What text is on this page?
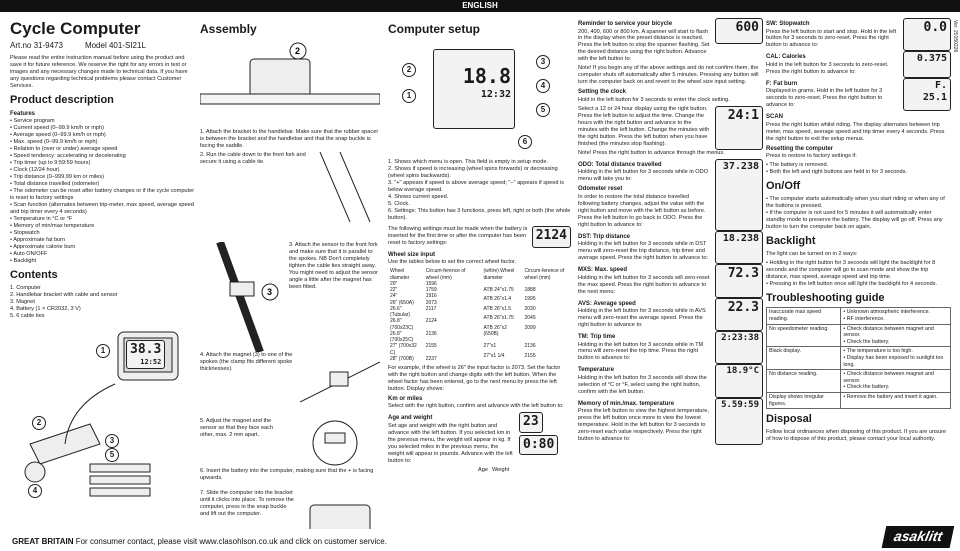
ENGLISH
Ver. 20150226
Cycle Computer
Art.no 31-9473	Model 401-SI21L

Please read the entire instruction manual before using the product and save it for future reference. We reserve the right for any errors in text or images and any necessary changes made to technical data. If you have any questions regarding technical problems please contact Customer Services.

Product description
Features
• Service program
• Current speed (0–99.9 km/h or mph)
• Average speed (0–99.9 km/h or mph)
• Max. speed (0–99.9 km/h or mph)
• Relation to (over or under) average speed
• Speed tendency: accelerating or decelerating
• Trip timer (up to 9:59:59 hours)
• Clock (12/24 hour)
• Trip distance (0–999.99 km or miles)
• Total distance travelled (odometer)
• The odometer can be reset after battery changes or if the cycle computer is reset to factory settings
• Scan function (alternates between trip-meter, max speed, average speed and trip timer every 4 seconds)
• Temperature in °C or °F
• Memory of min/max temperature
• Stopwatch
• Approximate fat burn
• Approximate calorie burn
• Auto ON/OFF
• Backlight
Contents
1. Computer
2. Handlebar bracket with cable and sensor
3. Magnet
4. Battery (1 × CR2032, 3 V)
5. 6 cable ties
38.3
12:52
1
2
3
4
5
Assembly
2

1. Attach the bracket to the handlebar. Make sure that the rubber spacer is between the bracket and the handlebar and that the snap buckle is facing the saddle.

2. Run the cable down to the front fork and secure it using a cable tie.

3

3. Attach the sensor to the front fork and make sure that it is parallel to the spokes. NB Don't completely tighten the cable ties straight away. You might need to adjust the sensor angle a little after the magnet has been fitted.

4. Attach the magnet (3) to one of the spokes (the clamp fits different spoke thicknesses).

5. Adjust the magnet and the sensor so that they face each other, max. 2 mm apart.

6. Insert the battery into the computer, making sure that the + is facing upwards.

7. Slide the computer into the bracket until it clicks into place. To remove the computer, press in the snap buckle and lift out the computer.

Computer setup
18.8
12:32
2
1
3
4
5
6
1. Shows which menu is open. This field is empty in setup mode.
2. Shows if speed is increasing (wheel spins forwards) or decreasing (wheel spins backwards).
3. "+" appears if speed is above average speed; "–" appears if speed is below average speed.
4. Shows current speed.
5. Clock.
6. Settings: This button has 3 functions, press left, right or both (the whole button).

The following settings must be made when the battery is inserted for the first time or after the computer has been reset to factory settings:	2124
Wheel size input

Use the tables below to set the correct wheel factor.

Wheel diameter	Circum-ference of wheel (mm)
20"	1596
22"	1759
24"	1916
26" (650A)	2073
26.6" (Tubular)	2117
26.8" (700x23C)	2124
26.8" (700x25C)	2136
27" (700x32 C)	2155
28" (700B)	2237
(w/tire) Wheel diameter	Circum-ference of wheel (mm)
ATB 24"x1.75	1888
ATB 26"x1.4	1995
ATB 26"x1.5	2030
ATB 26"x1.75	2045
ATB 26"x2 (650B)	2099
27"x1	2136
27"x1 1/4	2155

For example, if the wheel is 26" the input factor is 2073. Set the factor with the right button and change digits with the left button. When the wheel factor has been entered, go to the next menu by press the left button. Display shows:

Km or miles

Select with the right button, confirm and advance with the left button to:

Age and weight

Set age and weight with the right button and advance with the left button. If you selected km in the previous menu, the weight will appear in kg. If you selected miles in the previous menu, the weight will appear in pounds. Advance with the left button to:

23

0:80
Age Weight
Reminder to service your bicycle

200, 400, 600 or 800 km. A spanner will start to flash in the display when the preset distance is reached. Press the left button to stop the spanner flashing. Set the desired distance using the right button. Advance with the left button to:

600

Note! If you begin any of the above settings and do not confirm them, the computer shuts off automatically after 5 minutes. Pressing any button will turn the computer back on and revert to the wheel size input setting.

Setting the clock

Hold in the left button for 3 seconds to enter the clock setting.

Select a 12 or 24 hour display using the right button. Press the left button to adjust the time. Change the hours with the right button and advance to the minutes with the left button. Change the minutes with the right button. Press the left button when you have finished (the minutes stop flashing).

24:1

Note! Press the right button to advance through the menus.

ODO: Total distance travelled

Holding in the left button for 3 seconds while in ODO menu will take you to:

Odometer reset

In order to restore the total distance travelled following battery changes, adjust the value with the right button and move with the left button as before. Press the left button to go back to ODO. Press the right button to advance to:

37.238
DST: Trip distance

Holding in the left button for 3 seconds while in DST menu will zero-reset the trip distance, trip timer and average speed. Press the right button to advance to:

18.238
MXS: Max. speed

Holding in the left button for 3 seconds will zero-reset the max speed. Press the right button to advance to the next menu:

72.3
AVS: Average speed

Holding in the left button for 3 seconds while in AVS menu will zero-reset the average speed. Press the right button to advance to:

22.3
TM: Trip time

Holding in the left button for 3 seconds while in TM menu will zero-reset the trip time. Press the right button to advance to:

2:23:38
Temperature

Holding in the left button for 3 seconds will show the selection of °C or °F, select using the right button, confirm with the left button.

18.9°C
Memory of min./max. temperature

Press the left button to view the highest temperature, press the left button once more to view the lowest temperature. Hold in the left button for 3 seconds to zero-reset each value respectively. Press the right button to advance to:

5.59:59
SW: Stopwatch

Press the left button to start and stop. Hold in the left button for 3 seconds to zero-reset. Press the right button to advance to:

0.0
CAL: Calories

Hold in the left button for 3 seconds to zero-reset. Press the right button to advance to:

0.375
F: Fat burn

Displayed in grams. Hold in the left button for 3 seconds to zero-reset. Press the right button to advance to:

F. 25.1
SCAN

Press the right button whilst riding. The display alternates between trip meter, max speed, average speed and trip timer every 4 seconds. Press the right button to exit the setup menus.

Resetting the computer

Press to restore to factory settings if:

• The battery is removed.
• Both the left and right buttons are held in for 3 seconds.
On/Off
• The computer starts automatically when you start riding or when any of the buttons is pressed.
• If the computer is not used for 5 minutes it will automatically enter standby mode to preserve the battery. The display will go off. Press any button to turn the computer back on again.
Backlight

The light can be turned on in 2 ways:

• Holding in the right button for 3 seconds will light the backlight for 8 seconds and the computer will go to scan mode and show the trip distance, max speed, average speed and trip time.
• Pressing in the left button once will light the backlight for 4 seconds.
Troubleshooting guide
Inaccurate max speed reading.	• Unknown atmospheric interference.
• RF interference.
No speedometer reading.	• Check distance between magnet and sensor.
• Check the battery.
Black display.	• The temperature is too high.
• Display has been exposed to sunlight too long.
No distance reading.	• Check distance between magnet and sensor.
• Check the battery.
Display shows irregular figures.	• Remove the battery and insert it again.
Disposal

Follow local ordinances when disposing of this product. If you are unsure of how to dispose of this product, please contact your local authority.

GREAT BRITAIN For consumer contact, please visit www.clasohlson.co.uk and click on customer service.	asaklitt
